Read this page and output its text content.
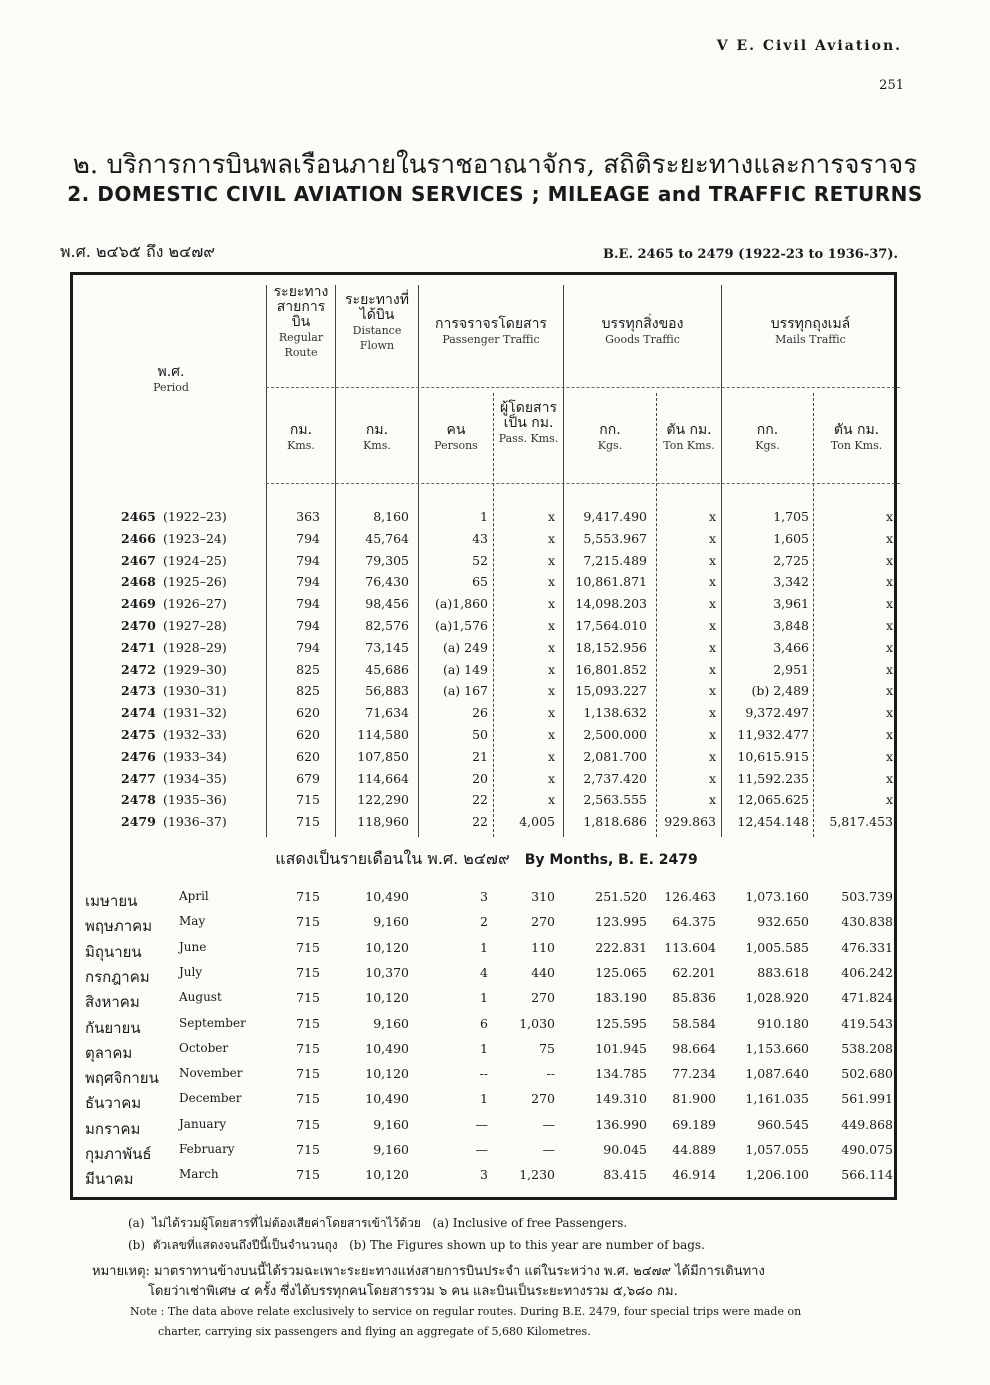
V E. Civil Aviation.
251
๒. บริการการบินพลเรือนภายในราชอาณาจักร, สถิติระยะทางและการจราจร
2. DOMESTIC CIVIL AVIATION SERVICES ; MILEAGE and TRAFFIC RETURNS
พ.ศ. ๒๔๖๕ ถึง ๒๔๗๙	B.E. 2465 to 2479 (1922-23 to 1936-37).
พ.ศ.
Period
ระยะทาง สายการ บิน
Regular Route
ระยะทางที่ ได้บิน
Distance Flown
การจราจรโดยสาร
Passenger Traffic
บรรทุกสิ่งของ
Goods Traffic
บรรทุกถุงเมล์
Mails Traffic
กม.
Kms.
กม.
Kms.
คน
Persons
ผู้โดยสาร เป็น กม.
Pass. Kms.
กก.
Kgs.
ตัน กม.
Ton Kms.
กก.
Kgs.
ตัน กม.
Ton Kms.
2465 (1922–23)	363	8,160	1	x	9,417.490	x	1,705	x
2466 (1923–24)	794	45,764	43	x	5,553.967	x	1,605	x
2467 (1924–25)	794	79,305	52	x	7,215.489	x	2,725	x
2468 (1925–26)	794	76,430	65	x	10,861.871	x	3,342	x
2469 (1926–27)	794	98,456	(a)1,860	x	14,098.203	x	3,961	x
2470 (1927–28)	794	82,576	(a)1,576	x	17,564.010	x	3,848	x
2471 (1928–29)	794	73,145	(a) 249	x	18,152.956	x	3,466	x
2472 (1929–30)	825	45,686	(a) 149	x	16,801.852	x	2,951	x
2473 (1930–31)	825	56,883	(a) 167	x	15,093.227	x	(b) 2,489	x
2474 (1931–32)	620	71,634	26	x	1,138.632	x	9,372.497	x
2475 (1932–33)	620	114,580	50	x	2,500.000	x	11,932.477	x
2476 (1933–34)	620	107,850	21	x	2,081.700	x	10,615.915	x
2477 (1934–35)	679	114,664	20	x	2,737.420	x	11,592.235	x
2478 (1935–36)	715	122,290	22	x	2,563.555	x	12,065.625	x
2479 (1936–37)	715	118,960	22	4,005	1,818.686	929.863	12,454.148	5,817.453
แสดงเป็นรายเดือนใน พ.ศ. ๒๔๗๙ By Months, B. E. 2479
เมษายน	April	715	10,490	3	310	251.520	126.463	1,073.160	503.739
พฤษภาคม May	715	9,160	2	270	123.995	64.375	932.650	430.838
มิถุนายน	June	715	10,120	1	110	222.831	113.604	1,005.585	476.331
กรกฎาคม July	715	10,370	4	440	125.065	62.201	883.618	406.242
สิงหาคม	August	715	10,120	1	270	183.190	85.836	1,028.920	471.824
กันยายน	September	715	9,160	6	1,030	125.595	58.584	910.180	419.543
ตุลาคม	October	715	10,490	1	75	101.945	98.664	1,153.660	538.208
พฤศจิกายน November	715	10,120	--	--	134.785	77.234	1,087.640	502.680
ธันวาคม	December	715	10,490	1	270	149.310	81.900	1,161.035	561.991
มกราคม	January	715	9,160	—	—	136.990	69.189	960.545	449.868
กุมภาพันธ์ February	715	9,160	—	—	90.045	44.889	1,057.055	490.075
มีนาคม	March	715	10,120	3	1,230	83.415	46.914	1,206.100	566.114
(a) ไม่ได้รวมผู้โดยสารที่ไม่ต้องเสียค่าโดยสารเข้าไว้ด้วย (a) Inclusive of free Passengers.
(b) ตัวเลขที่แสดงจนถึงปีนี้เป็นจำนวนถุง (b) The Figures shown up to this year are number of bags.
หมายเหตุ: มาตราทานข้างบนนี้ได้รวมฉะเพาะระยะทางแห่งสายการบินประจำ แต่ในระหว่าง พ.ศ. ๒๔๗๙ ได้มีการเดินทาง
โดยว่าเช่าพิเศษ ๔ ครั้ง ซึ่งได้บรรทุกคนโดยสารรวม ๖ คน และบินเป็นระยะทางรวม ๕,๖๘๐ กม.
Note : The data above relate exclusively to service on regular routes. During B.E. 2479, four special trips were made on
charter, carrying six passengers and flying an aggregate of 5,680 Kilometres.
